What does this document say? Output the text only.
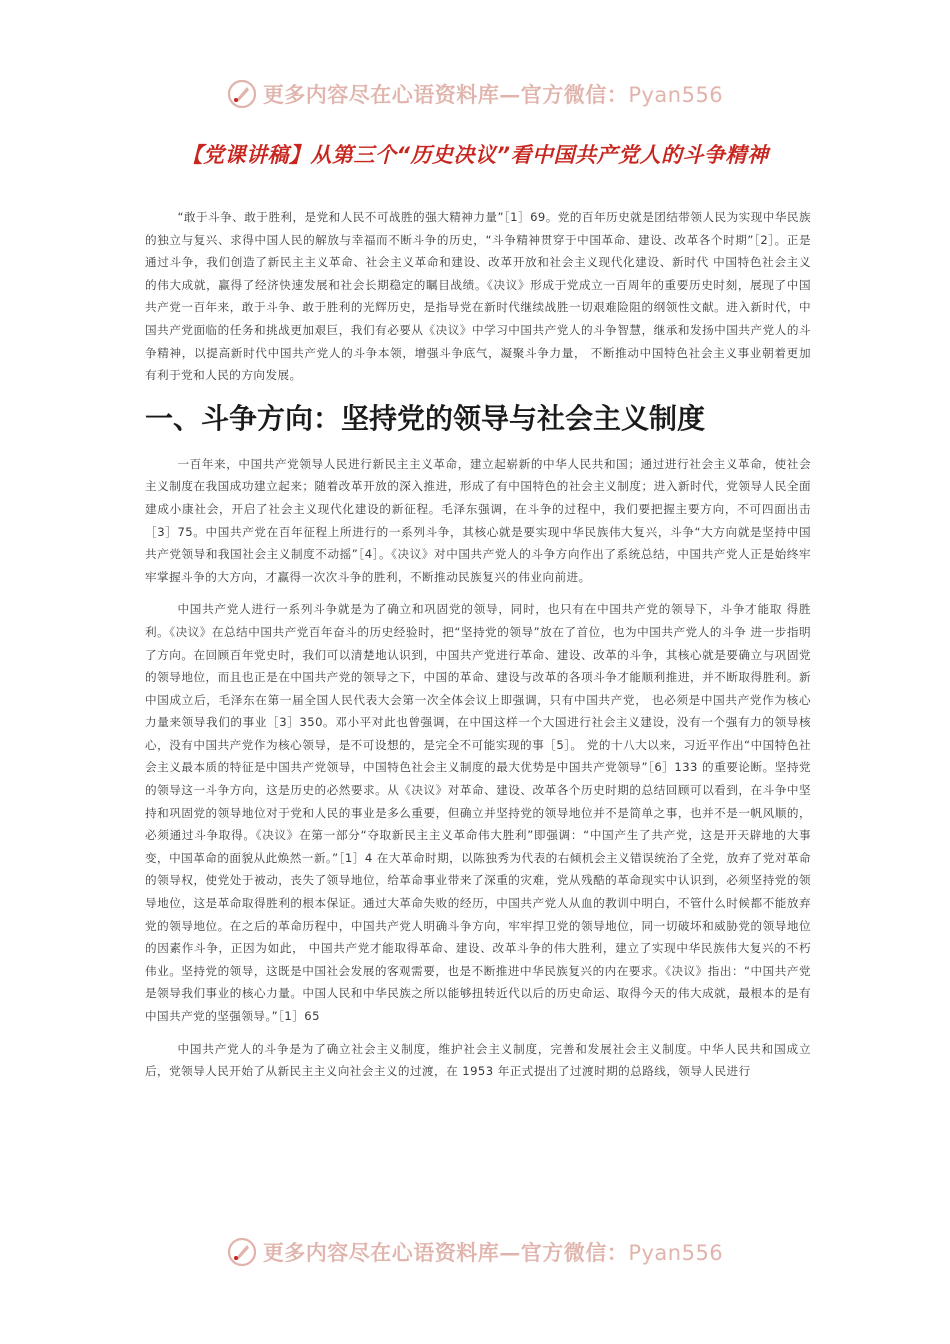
更多内容尽在心语资料库—官方微信：Pyan556
【党课讲稿】从第三个“历史决议”看中国共产党人的斗争精神

“敢于斗争、敢于胜利，是党和人民不可战胜的强大精神力量”［1］69。党的百年历史就是团结带领人民为实现中华民族的独立与复兴、求得中国人民的解放与幸福而不断斗争的历史，“斗争精神贯穿于中国革命、建设、改革各个时期”［2］。正是通过斗争，我们创造了新民主主义革命、社会主义革命和建设、改革开放和社会主义现代化建设、新时代 中国特色社会主义的伟大成就，赢得了经济快速发展和社会长期稳定的瞩目战绩。《决议》形成于党成立一百周年的重要历史时刻，展现了中国共产党一百年来，敢于斗争、敢于胜利的光辉历史，是指导党在新时代继续战胜一切艰难险阻的纲领性文献。进入新时代，中国共产党面临的任务和挑战更加艰巨，我们有必要从《决议》中学习中国共产党人的斗争智慧，继承和发扬中国共产党人的斗争精神，以提高新时代中国共产党人的斗争本领，增强斗争底气，凝聚斗争力量， 不断推动中国特色社会主义事业朝着更加有利于党和人民的方向发展。

一、斗争方向：坚持党的领导与社会主义制度

一百年来，中国共产党领导人民进行新民主主义革命，建立起崭新的中华人民共和国；通过进行社会主义革命，使社会主义制度在我国成功建立起来；随着改革开放的深入推进，形成了有中国特色的社会主义制度；进入新时代，党领导人民全面建成小康社会，开启了社会主义现代化建设的新征程。毛泽东强调，在斗争的过程中，我们要把握主要方向，不可四面出击［3］75。中国共产党在百年征程上所进行的一系列斗争，其核心就是要实现中华民族伟大复兴，斗争“大方向就是坚持中国共产党领导和我国社会主义制度不动摇”［4］。《决议》对中国共产党人的斗争方向作出了系统总结，中国共产党人正是始终牢牢掌握斗争的大方向，才赢得一次次斗争的胜利，不断推动民族复兴的伟业向前进。

中国共产党人进行一系列斗争就是为了确立和巩固党的领导，同时，也只有在中国共产党的领导下，斗争才能取 得胜利。《决议》在总结中国共产党百年奋斗的历史经验时，把“坚持党的领导”放在了首位，也为中国共产党人的斗争 进一步指明了方向。在回顾百年党史时，我们可以清楚地认识到，中国共产党进行革命、建设、改革的斗争，其核心就是要确立与巩固党的领导地位，而且也正是在中国共产党的领导之下，中国的革命、建设与改革的各项斗争才能顺利推进，并不断取得胜利。新中国成立后，毛泽东在第一届全国人民代表大会第一次全体会议上即强调，只有中国共产党， 也必须是中国共产党作为核心力量来领导我们的事业［3］350。邓小平对此也曾强调，在中国这样一个大国进行社会主义建设，没有一个强有力的领导核心，没有中国共产党作为核心领导，是不可设想的，是完全不可能实现的事［5］。 党的十八大以来，习近平作出“中国特色社会主义最本质的特征是中国共产党领导，中国特色社会主义制度的最大优势是中国共产党领导”［6］133 的重要论断。坚持党的领导这一斗争方向，这是历史的必然要求。从《决议》对革命、建设、改革各个历史时期的总结回顾可以看到，在斗争中坚持和巩固党的领导地位对于党和人民的事业是多么重要，但确立并坚持党的领导地位并不是简单之事，也并不是一帆风顺的，必须通过斗争取得。《决议》在第一部分“夺取新民主主义革命伟大胜利”即强调：“中国产生了共产党，这是开天辟地的大事变，中国革命的面貌从此焕然一新。”［1］4 在大革命时期，以陈独秀为代表的右倾机会主义错误统治了全党，放弃了党对革命的领导权，使党处于被动，丧失了领导地位，给革命事业带来了深重的灾难，党从残酷的革命现实中认识到，必须坚持党的领导地位，这是革命取得胜利的根本保证。通过大革命失败的经历，中国共产党人从血的教训中明白，不管什么时候都不能放弃党的领导地位。在之后的革命历程中，中国共产党人明确斗争方向，牢牢捍卫党的领导地位，同一切破坏和威胁党的领导地位的因素作斗争，正因为如此， 中国共产党才能取得革命、建设、改革斗争的伟大胜利，建立了实现中华民族伟大复兴的不朽伟业。坚持党的领导，这既是中国社会发展的客观需要，也是不断推进中华民族复兴的内在要求。《决议》指出：“中国共产党是领导我们事业的核心力量。中国人民和中华民族之所以能够扭转近代以后的历史命运、取得今天的伟大成就，最根本的是有中国共产党的坚强领导。”［1］65

中国共产党人的斗争是为了确立社会主义制度，维护社会主义制度，完善和发展社会主义制度。中华人民共和国成立后，党领导人民开始了从新民主主义向社会主义的过渡，在 1953 年正式提出了过渡时期的总路线，领导人民进行

更多内容尽在心语资料库—官方微信：Pyan556
